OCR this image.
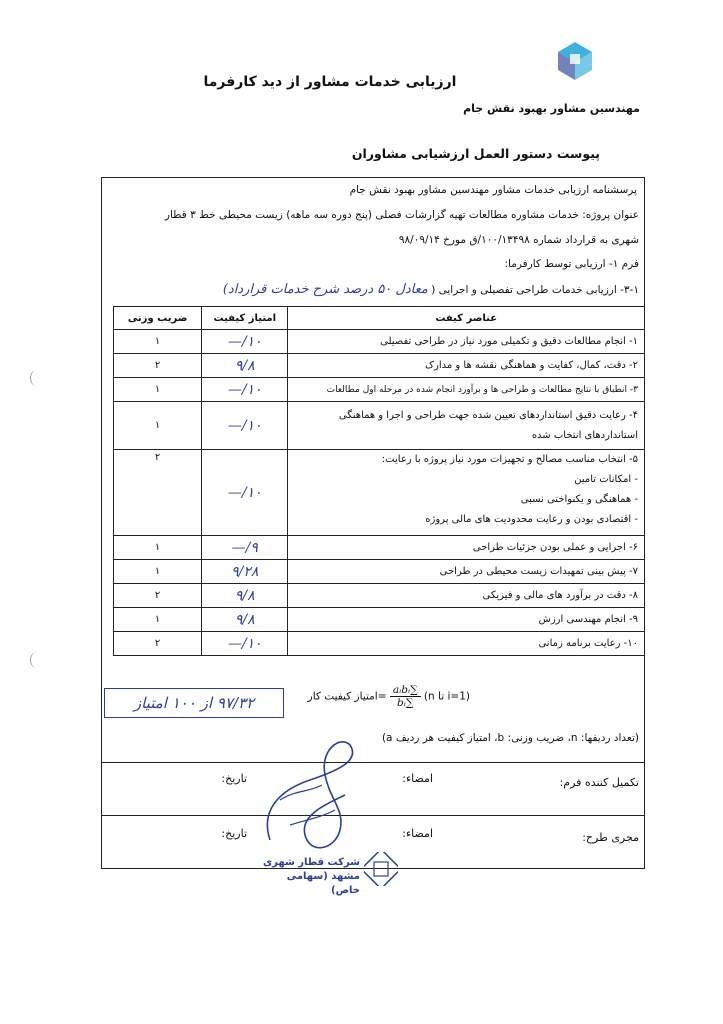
ارزیابی خدمات مشاور از دید کارفرما
مهندسین مشاور بهبود نقش جام
پیوست دستور العمل ارزشیابی مشاوران
پرسشنامه ارزیابی خدمات مشاور مهندسین مشاور بهبود نقش جام
عنوان پروژه: خدمات مشاوره مطالعات تهیه گزارشات فصلی (پنج دوره سه ماهه) زیست محیطی خط ۳ قطار
شهری به قرارداد شماره ۱۰۰/۱۳۴۹۸/ق مورخ ۹۸/۰۹/۱۴
فرم ۱- ارزیابی توسط کارفرما:
۳-۱- ارزیابی خدمات طراحی تفصیلی و اجرایی ( معادل ۵۰ درصد شرح خدمات قرارداد)
عناصر کیفت	امتیاز کیفیت	ضریب وزنی
۱- انجام مطالعات دقیق و تکمیلی مورد نیاز در طراحی تفصیلی	۱۰/—	۱
۲- دقت، کمال، کفایت و هماهنگی نقشه ها و مدارک	۹/۸	۲
۳- انطباق با نتایج مطالعات و طراحی ها و برآورد انجام شده در مرحله اول مطالعات	۱۰/—	۱
۴- رعایت دقیق استانداردهای تعیین شده جهت طراحی و اجرا و هماهنگی استانداردهای انتخاب شده	۱۰/—	۱
۵- انتخاب مناسب مصالح و تجهیزات مورد نیاز پروژه با رعایت:
- امکانات تامین
- هماهنگی و یکنواختی نسبی
- اقتصادی بودن و رعایت محدودیت های مالی پروژه	۱۰/—	۲
۶- اجرایی و عملی بودن جزئیات طراحی	۹/—	۱
۷- پیش بینی تمهیدات زیست محیطی در طراحی	۹/۲۸	۱
۸- دقت در برآورد های مالی و فیزیکی	۹/۸	۲
۹- انجام مهندسی ارزش	۹/۸	۱
۱۰- رعایت برنامه زمانی	۱۰/—	۲
۹۷/۳۲ از ۱۰۰ امتیاز	(i=1 تا n)
$\frac{\text{∑aᵢbᵢ}}{\text{∑bᵢ}}$
=امتیاز کیفیت کار
(تعداد ردیفها: n، ضریب وزنی: b، امتیاز کیفیت هر ردیف a)
تکمیل کننده فرم:
امضاء:
تاریخ:
مجری طرح:
امضاء:
تاریخ:
شرکت قطار شهری مشهد (سهامی خاص)
